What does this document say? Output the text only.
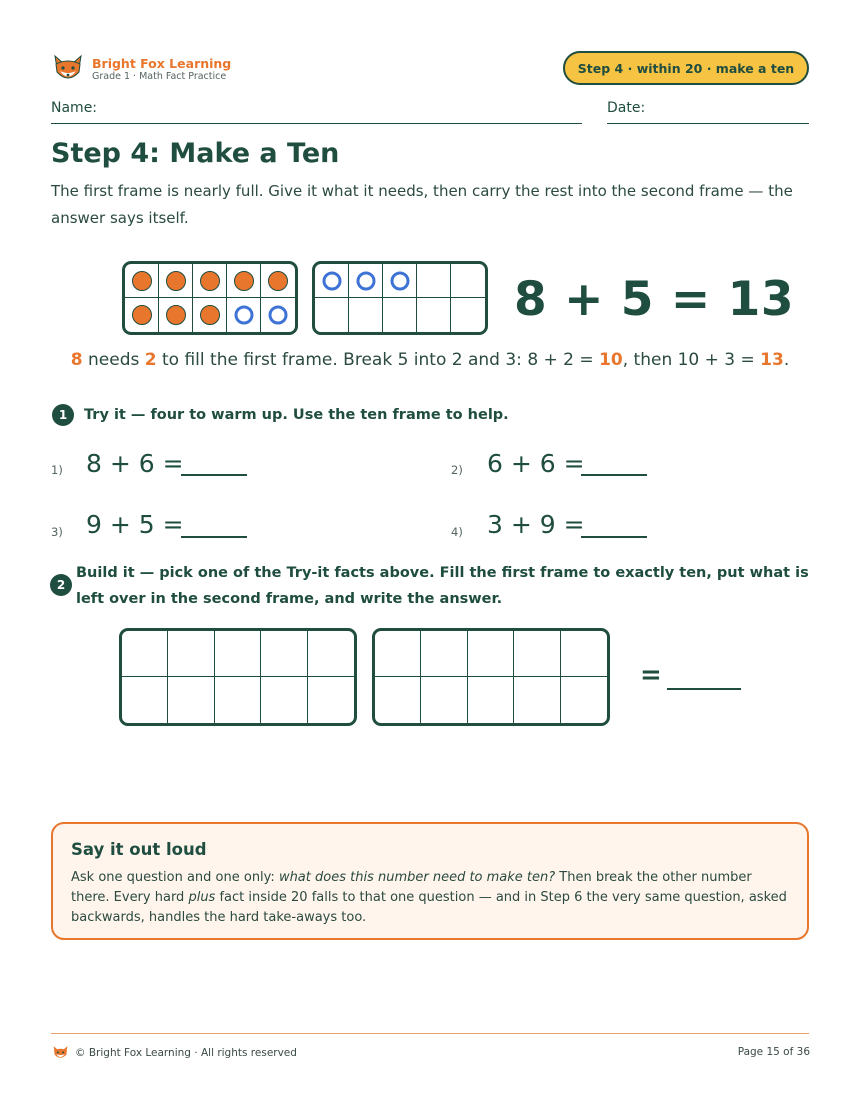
Bright Fox Learning
Grade 1 · Math Fact Practice
Step 4 · within 20 · make a ten
Name:	Date:
Step 4: Make a Ten
The first frame is nearly full. Give it what it needs, then carry the rest into the second frame — the answer says itself.
8 + 5 = 13
8 needs 2 to fill the first frame. Break 5 into 2 and 3: 8 + 2 = 10, then 10 + 3 = 13.
1	Try it — four to warm up. Use the ten frame to help.
1) 8 + 6 =	2) 6 + 6 =
3) 9 + 5 =	4) 3 + 9 =
2
Build it — pick one of the Try-it facts above. Fill the first frame to exactly ten, put what is left over in the second frame, and write the answer.
=
Say it out loud
Ask one question and one only: what does this number need to make ten? Then break the other number there. Every hard plus fact inside 20 falls to that one question — and in Step 6 the very same question, asked backwards, handles the hard take-aways too.
© Bright Fox Learning · All rights reserved	Page 15 of 36
